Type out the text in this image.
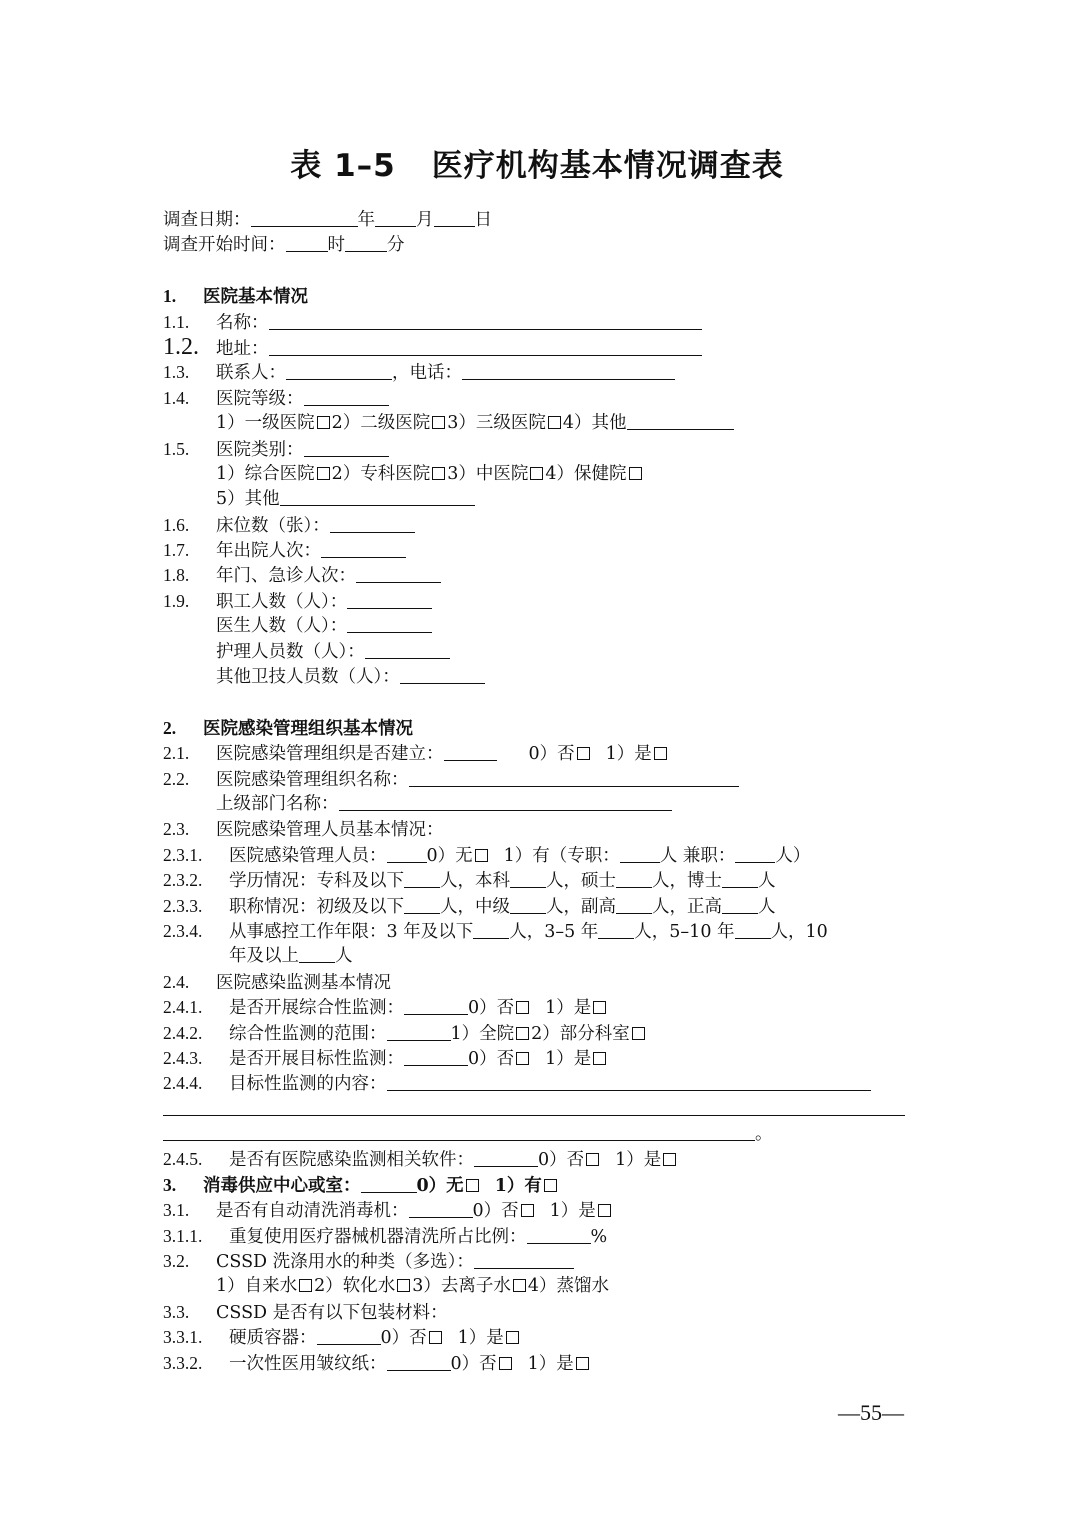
表 1–5 医疗机构基本情况调查表
调查日期：	年 月 日
调查开始时间： 时 分
1. 医院基本情况
1.1. 名称：
1.2. 地址：
1.3. 联系人：	，电话：
1.4. 医院等级：
1）一级医院 2）二级医院 3）三级医院 4）其他
1.5. 医院类别：
1）综合医院 2）专科医院 3）中医院 4）保健院
5）其他
1.6. 床位数（张）：
1.7. 年出院人次：
1.8. 年门、急诊人次：
1.9. 职工人数（人）：
医生人数（人）：
护理人员数（人）：
其他卫技人员数（人）：
2. 医院感染管理组织基本情况
2.1. 医院感染管理组织是否建立：	0）否 1）是
2.2. 医院感染管理组织名称：
上级部门名称：
2.3. 医院感染管理人员基本情况：
2.3.1. 医院感染管理人员： 0）无 1）有（专职： 人 兼职： 人）
2.3.2. 学历情况：专科及以下 人，本科 人，硕士 人，博士 人
2.3.3. 职称情况：初级及以下 人，中级 人，副高 人，正高 人
2.3.4. 从事感控工作年限：3 年及以下 人，3–5 年 人，5–10 年 人，10
年及以上 人
2.4. 医院感染监测基本情况
2.4.1. 是否开展综合性监测：	0）否 1）是
2.4.2. 综合性监测的范围：	1）全院 2）部分科室
2.4.3. 是否开展目标性监测：	0）否 1）是
2.4.4. 目标性监测的内容：
。
2.4.5. 是否有医院感染监测相关软件：	0）否 1）是
3. 消毒供应中心或室：	0）无 1）有
3.1. 是否有自动清洗消毒机：	0）否 1）是
3.1.1. 重复使用医疗器械机器清洗所占比例：	%
3.2. CSSD 洗涤用水的种类（多选）：
1）自来水 2）软化水 3）去离子水 4）蒸馏水
3.3. CSSD 是否有以下包装材料：
3.3.1. 硬质容器：	0）否 1）是
3.3.2. 一次性医用皱纹纸：	0）否 1）是
—55—
